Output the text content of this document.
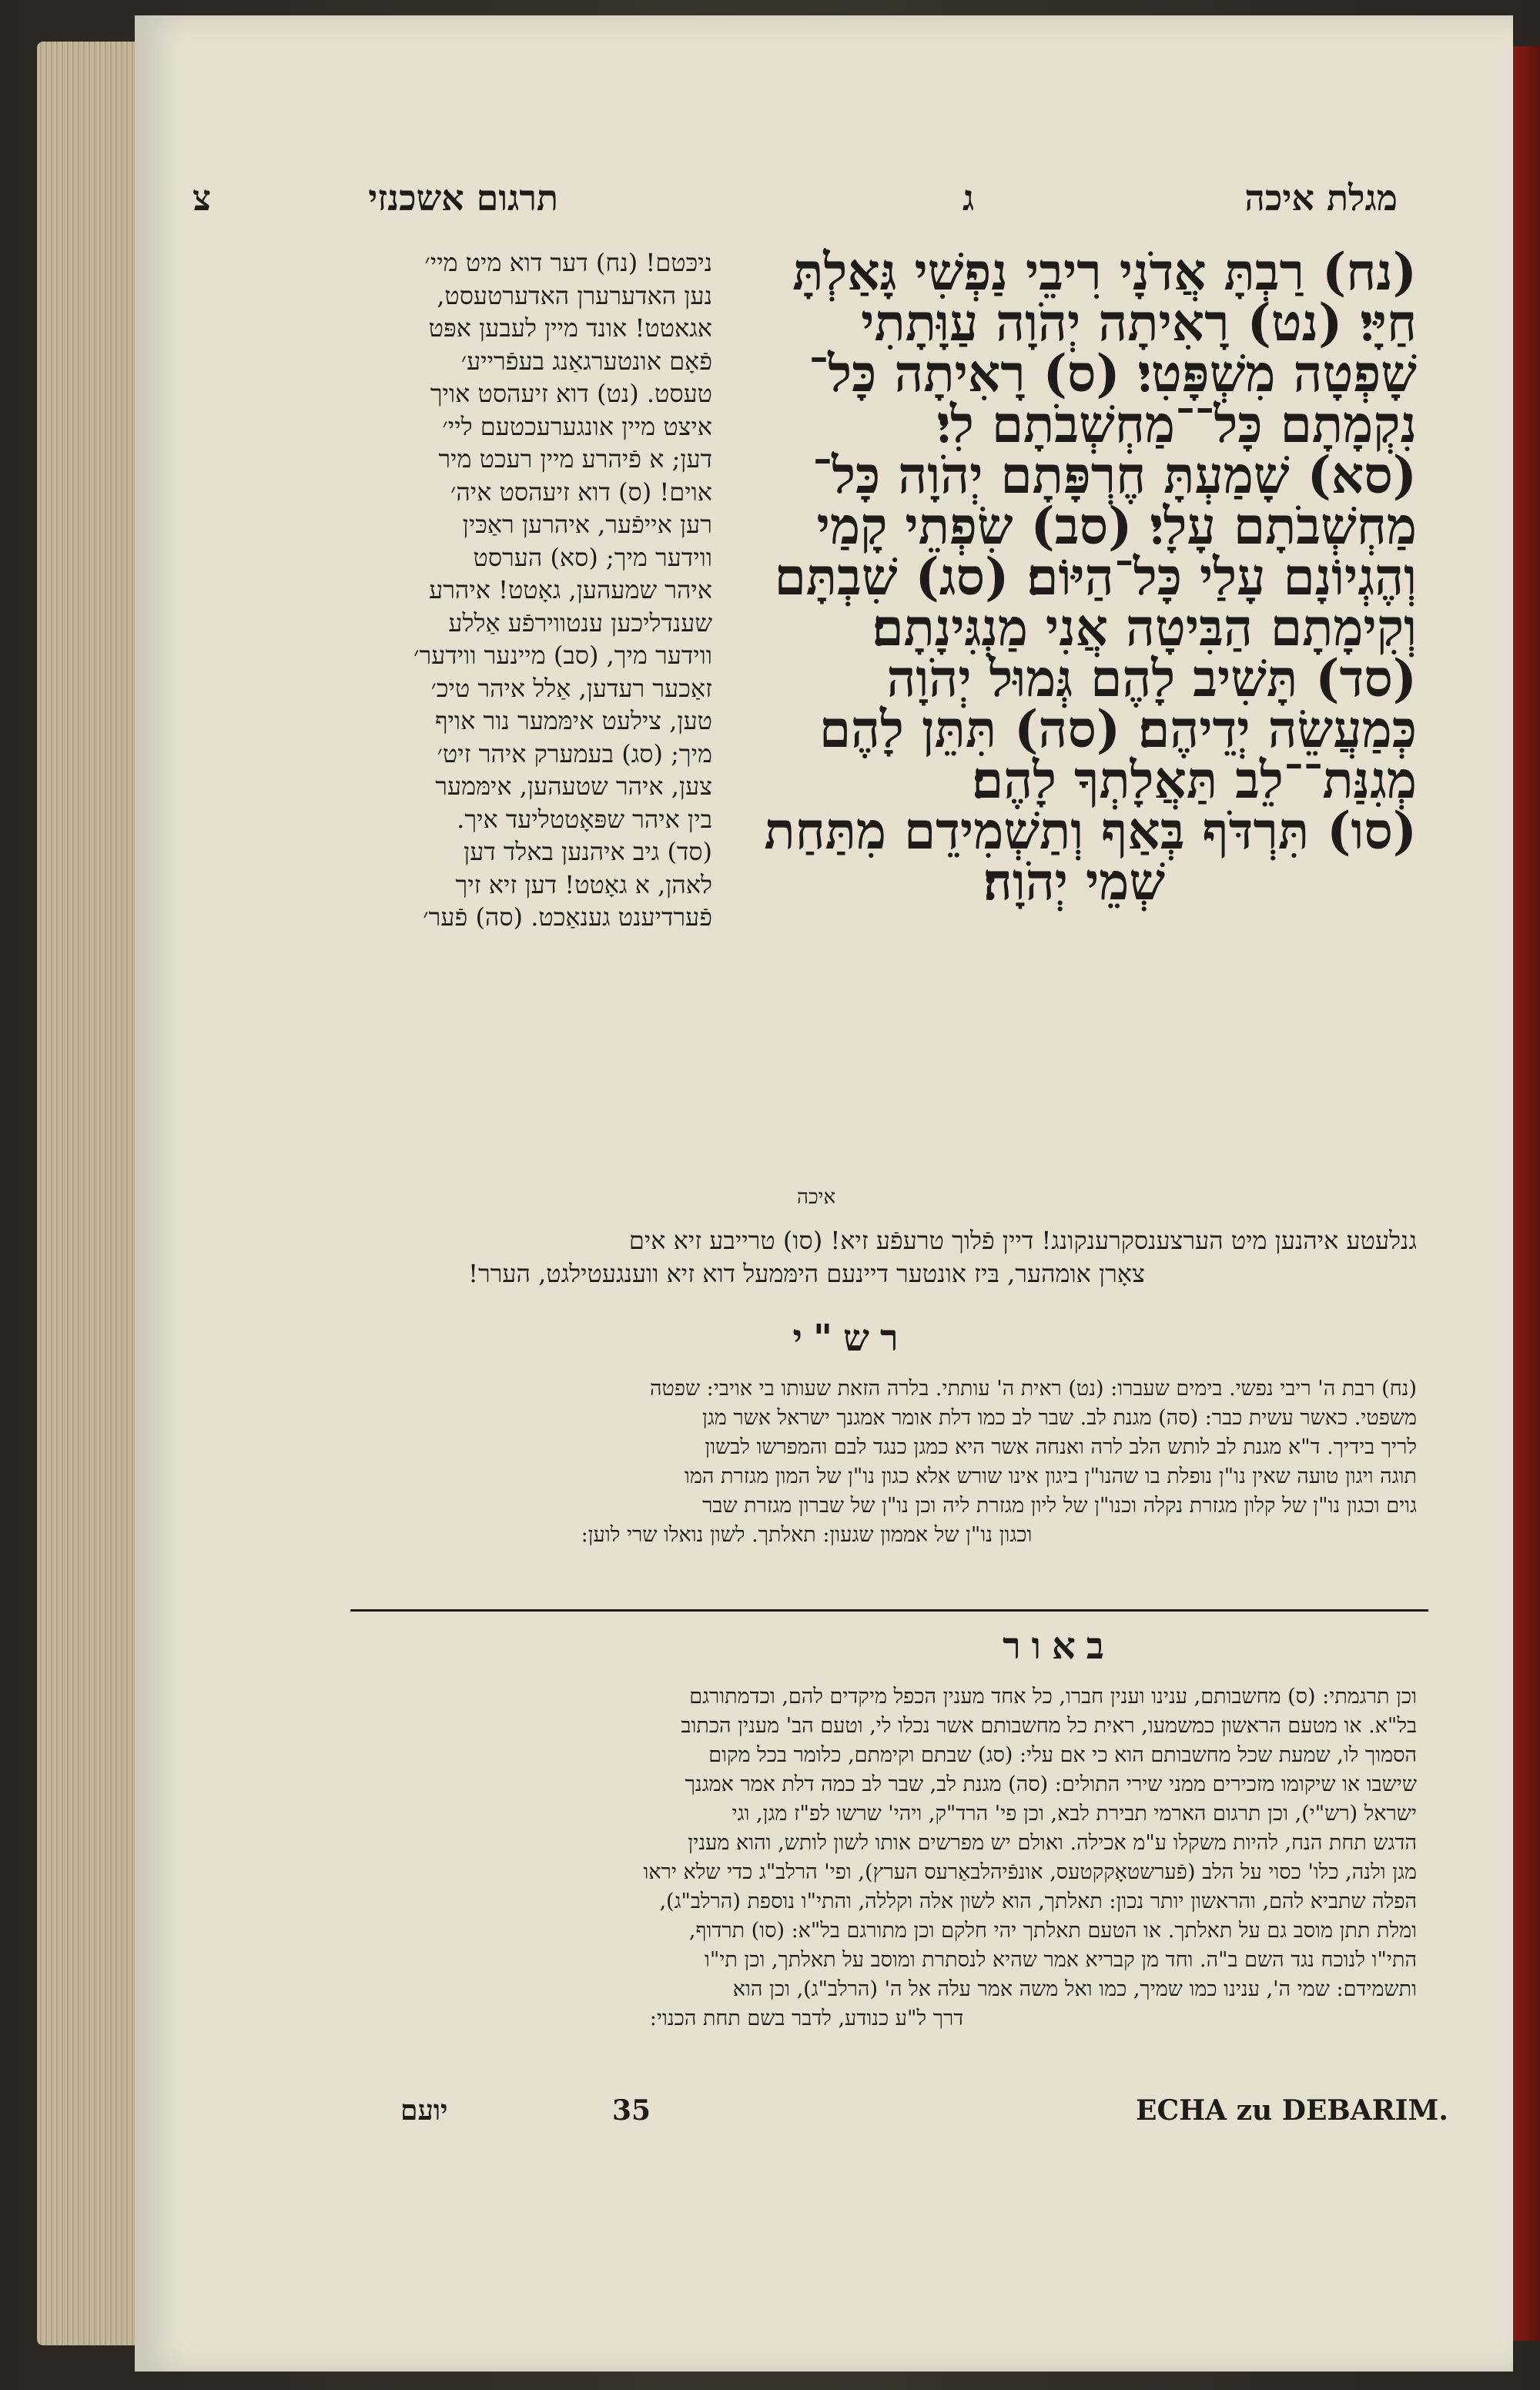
תרגום אשכנזי
צ	מגלת איכה
ג
(נח) רַבְתָּ אֲדֹנָי רִיבֵי נַפְשִׁי גָּאַלְתָּ
חַיָּי׃ (נט) רָאִיתָה יְהֹוָה עַוָּתָתִי
שָׁפְטָה מִשְׁפָּטִי׃ (ס) רָאִיתָה כָּל־
נִקְמָתָם כָּל־־מַחְשְׁבֹתָם לִי׃
(סא) שָׁמַעְתָּ חֶרְפָּתָם יְהֹוָה כָּל־
מַחְשְׁבֹתָם עָלָי׃ (סב) שִׂפְתֵי קָמַי
וְהֶגְיוֹנָם עָלַי כָּל־הַיּוֹם׃ (סג) שִׁבְתָּם
וְקִימָתָם הַבִּיטָה אֲנִי מַנְגִּינָתָם׃
(סד) תָּשִׁיב לָהֶם גְּמוּל יְהֹוָה
כְּמַעֲשֵׂה יְדֵיהֶם׃ (סה) תִּתֵּן לָהֶם
מְגִנַּת־־לֵב תַּאֲלָתְךָ לָהֶם׃
(סו) תִּרְדֹּף בְּאַף וְתַשְׁמִידֵם מִתַּחַת
שְׁמֵי יְהֹוָה׃
איכה
ניכּטם! (נח) דער דוא מיט מיי׳
נען האדערערן האדערטעסט,
אגאטט! אונד מיין לעבען אפּט
פֿאָם אונטערגאַנג בעפֿרייע׳
טעסט. (נט) דוא זיעהסט אויך
איצט מיין אונגערעכטעם ליי׳
דען; א פֿיהרע מיין רעכט מיר
אוים! (ס) דוא זיעהסט איה׳
רען אייפֿער, איהרען ראַכּין
ווידער מיך; (סא) הערסט
איהר שמעהען, גאָטט! איהרע
שענדליכען ענטווירפֿע אַללע
ווידער מיך, (סב) מיינער ווידער׳
זאַכער רעדען, אַלל איהר טיכ׳
טען, צילעט אימּמער נור אויף
מיך; (סג) בעמערק איהר זיט׳
צען, איהר שטעהען, אימּמער
בין איהר שפּאָטטליעד איך.
(סד) גיב איהנען באלד דען
לאהן, א גאָטט! דען זיא זיך
פֿערדיענט גענאַכט. (סה) פֿער׳
גנלעטע איהנען מיט הערצענסקרענקונג! דיין פֿלוך טרעפֿע זיא! (סו) טרייבע זיא אים
צאָרן אומהער, בּיז אונטער דיינעם הימּמעל דוא זיא ווענגעטילגט, הערר!
רש"י
(נח) רבת ה' ריבי נפשי. בימים שעברו: (נט) ראית ה' עותתי. בלרה הזאת שעותו בי אויבי: שפטה
משפטי. כאשר עשית כבר: (סה) מגנת לב. שבר לב כמו דלת אומר אמגנך ישראל אשר מגן
לריך בידיך. ד"א מגנת לב לותש הלב לרה ואנחה אשר היא כמגן כנגד לבם והמפרשו לבשון
תוגה ויגון טועה שאין נו"ן נופלת בו שהנו"ן ביגון אינו שורש אלא כגון נו"ן של המון מגזרת המו
גוים וכגון נו"ן של קלון מגזרת נקלה וכנו"ן של ליון מגזרת ליה וכן נו"ן של שברון מגזרת שבר
וכגון נו"ן של אממון שגעון: תאלתך. לשון נואלו שרי לוען:
באור
וכן תרגמתי: (ס) מחשבותם, ענינו וענין חברו, כל אחד מענין הכפל מיקדים להם, וכדמתורגם
בל"א. או מטעם הראשון כמשמעו, ראית כל מחשבותם אשר נכלו לי, וטעם הב' מענין הכתוב
הסמוך לו, שמעת שכל מחשבותם הוא כי אם עלי: (סג) שבתם וקימתם, כלומר בכל מקום
שישבו או שיקומו מזכירים ממני שירי התולים: (סה) מגנת לב, שבר לב כמה דלת אמר אמגנך
ישראל (רש"י), וכן תרגום הארמי תבירת לבא, וכן פי' הרד"ק, ויהי' שרשו לפ"ז מגן, וגי
הדגש תחת הנח, להיות משקלו ע"מ אכילה. ואולם יש מפרשים אותו לשון לותש, והוא מענין
מגן ולנה, כלו' כסוי על הלב (פֿערשטאָקקטעס, אונפֿיהלבאַרעס הערץ), ופי' הרלב"ג כדי שלא יראו
הפלה שתביא להם, והראשון יותר נכון: תאלתך, הוא לשון אלה וקללה, והתי"ו נוספת (הרלב"ג),
ומלת תתן מוסב גם על תאלתך. או הטעם תאלתך יהי חלקם וכן מתורגם בל"א: (סו) תרדוף,
התי"ו לנוכח נגד השם ב"ה. וחד מן קבריא אמר שהיא לנסתרת ומוסב על תאלתך, וכן תי"ו
ותשמידם: שמי ה', ענינו כמו שמיך, כמו ואל משה אמר עלה אל ה' (הרלב"ג), וכן הוא
דרך ל"ע כנודע, לדבר בשם תחת הכנוי:
יועם	35	ECHA zu DEBARIM.
